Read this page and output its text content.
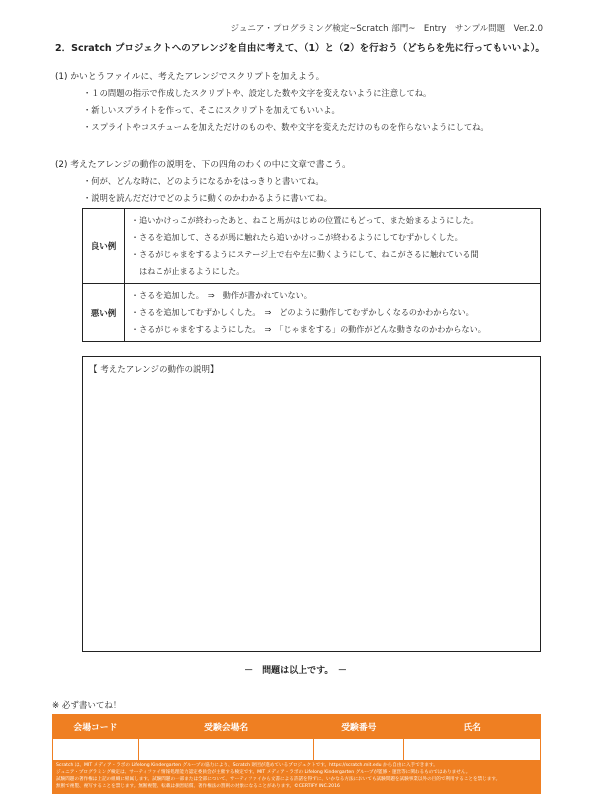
ジュニア・プログラミング検定~Scratch 部門~　Entry　サンプル問題　Ver.2.0
2．Scratch プロジェクトへのアレンジを自由に考えて、（1）と（2）を行おう（どちらを先に行ってもいいよ）。
(1) かいとうファイルに、考えたアレンジでスクリプトを加えよう。
・１の問題の指示で作成したスクリプトや、設定した数や文字を変えないように注意してね。
・新しいスプライトを作って、そこにスクリプトを加えてもいいよ。
・スプライトやコスチュームを加えただけのものや、数や文字を変えただけのものを作らないようにしてね。
(2) 考えたアレンジの動作の説明を、下の四角のわくの中に文章で書こう。
・何が、どんな時に、どのようになるかをはっきりと書いてね。
・説明を読んだだけでどのように動くのかわかるように書いてね。
良い例	・追いかけっこが終わったあと、ねこと馬がはじめの位置にもどって、また始まるようにした。
・さるを追加して、さるが馬に触れたら追いかけっこが終わるようにしてむずかしくした。
・さるがじゃまをするようにステージ上で右や左に動くようにして、ねこがさるに触れている間
　はねこが止まるようにした。

悪い例	・さるを追加した。　⇒　動作が書かれていない。
・さるを追加してむずかしくした。　⇒　どのように動作してむずかしくなるのかわからない。
・さるがじゃまをするようにした。　⇒　「じゃまをする」の動作がどんな動きなのかわからない。
【 考えたアレンジの動作の説明】
－　問題は以上です。　－
※ 必ず書いてね！
会場コード	受験会場名	受験番号	氏名

Scratch は、MIT メディア・ラボの Lifelong Kindergarten グループの協力により、Scratch 財団が進めているプロジェクトです。https://scratch.mit.edu から自由に入手できます。
ジュニア・プログラミング検定は、サーティファイ情報処理能力認定委員会が主催する検定です。MIT メディア・ラボの Lifelong Kindergarten グループが監修・運営等に関わるものではありません。
試験問題の著作権は上記の組織に帰属します。試験問題の一部または全部について、サーティファイから文書による許諾を得ずに、いかなる方法においても試験問題を試験事業以外の目的で利用することを禁じます。
無断で複製、複写することを禁じます。無断複製、転載は損害賠償、著作権法の罰則の対象になることがあります。©CERTIFY INC.2016
